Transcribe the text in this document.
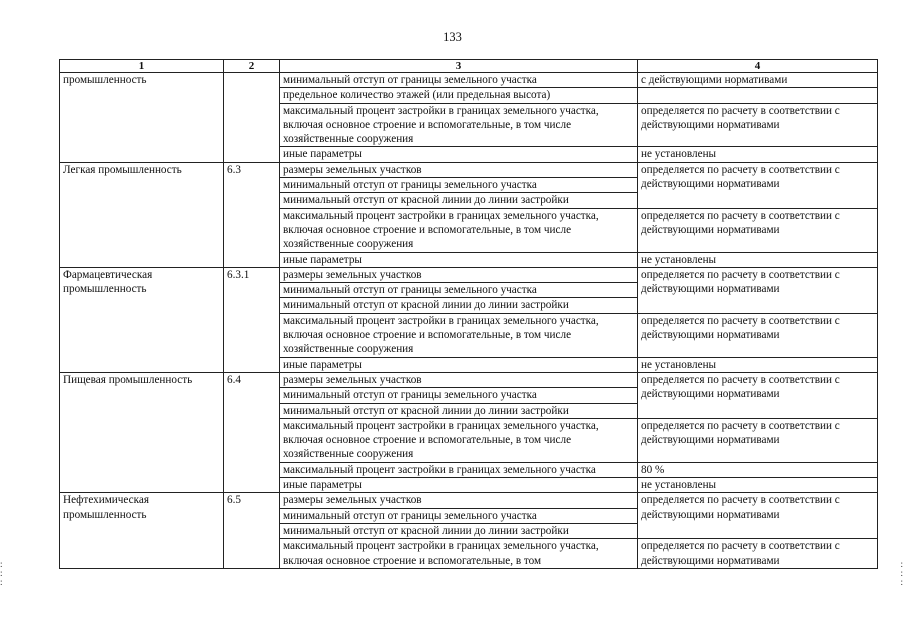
133
1	2	3	4
промышленность		минимальный отступ от границы земельного участка	с действующими нормативами
		предельное количество этажей (или предельная высота)	
		максимальный процент застройки в границах земельного участка, включая основное строение и вспомогательные, в том числе хозяйственные сооружения	определяется по расчету в соответствии с действующими нормативами
		иные параметры	не установлены
Легкая промышленность	6.3	размеры земельных участков	определяется по расчету в соответствии с действующими нормативами
		минимальный отступ от границы земельного участка	
		минимальный отступ от красной линии до линии застройки	
		максимальный процент застройки в границах земельного участка, включая основное строение и вспомогательные, в том числе хозяйственные сооружения	определяется по расчету в соответствии с действующими нормативами
		иные параметры	не установлены
Фармацевтическая промышленность	6.3.1	размеры земельных участков	определяется по расчету в соответствии с действующими нормативами
		минимальный отступ от границы земельного участка	
		минимальный отступ от красной линии до линии застройки	
		максимальный процент застройки в границах земельного участка, включая основное строение и вспомогательные, в том числе хозяйственные сооружения	определяется по расчету в соответствии с действующими нормативами
		иные параметры	не установлены
Пищевая промышленность	6.4	размеры земельных участков	определяется по расчету в соответствии с действующими нормативами
		минимальный отступ от границы земельного участка	
		минимальный отступ от красной линии до линии застройки	
		максимальный процент застройки в границах земельного участка, включая основное строение и вспомогательные, в том числе хозяйственные сооружения	определяется по расчету в соответствии с действующими нормативами
		максимальный процент застройки в границах земельного участка	80 %
		иные параметры	не установлены
Нефтехимическая промышленность	6.5	размеры земельных участков	определяется по расчету в соответствии с действующими нормативами
		минимальный отступ от границы земельного участка	
		минимальный отступ от красной линии до линии застройки	
		максимальный процент застройки в границах земельного участка, включая основное строение и вспомогательные, в том	определяется по расчету в соответствии с действующими нормативами
:
:
:
:
:
:
